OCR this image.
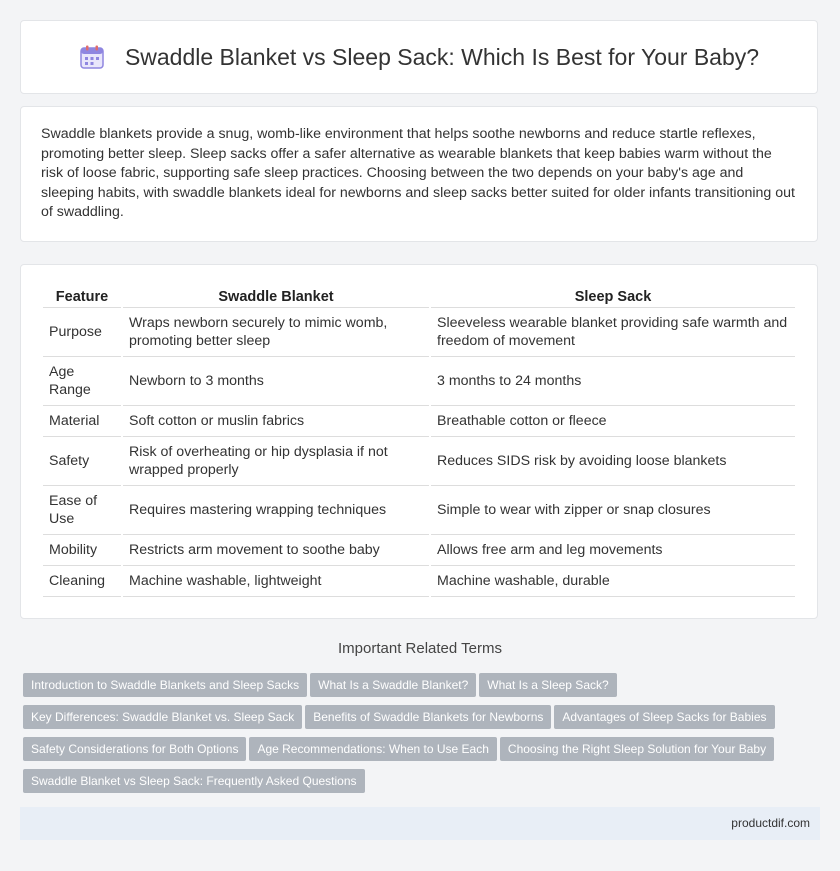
Swaddle Blanket vs Sleep Sack: Which Is Best for Your Baby?

Swaddle blankets provide a snug, womb-like environment that helps soothe newborns and reduce startle reflexes, promoting better sleep. Sleep sacks offer a safer alternative as wearable blankets that keep babies warm without the risk of loose fabric, supporting safe sleep practices. Choosing between the two depends on your baby's age and sleeping habits, with swaddle blankets ideal for newborns and sleep sacks better suited for older infants transitioning out of swaddling.

Feature	Swaddle Blanket	Sleep Sack
Purpose	Wraps newborn securely to mimic womb, promoting better sleep	Sleeveless wearable blanket providing safe warmth and freedom of movement
Age Range	Newborn to 3 months	3 months to 24 months
Material	Soft cotton or muslin fabrics	Breathable cotton or fleece
Safety	Risk of overheating or hip dysplasia if not wrapped properly	Reduces SIDS risk by avoiding loose blankets
Ease of Use	Requires mastering wrapping techniques	Simple to wear with zipper or snap closures
Mobility	Restricts arm movement to soothe baby	Allows free arm and leg movements
Cleaning	Machine washable, lightweight	Machine washable, durable
Important Related Terms
Introduction to Swaddle Blankets and Sleep Sacks What Is a Swaddle Blanket? What Is a Sleep Sack?
Key Differences: Swaddle Blanket vs. Sleep Sack Benefits of Swaddle Blankets for Newborns Advantages of Sleep Sacks for Babies
Safety Considerations for Both Options Age Recommendations: When to Use Each Choosing the Right Sleep Solution for Your Baby
Swaddle Blanket vs Sleep Sack: Frequently Asked Questions
productdif.com
